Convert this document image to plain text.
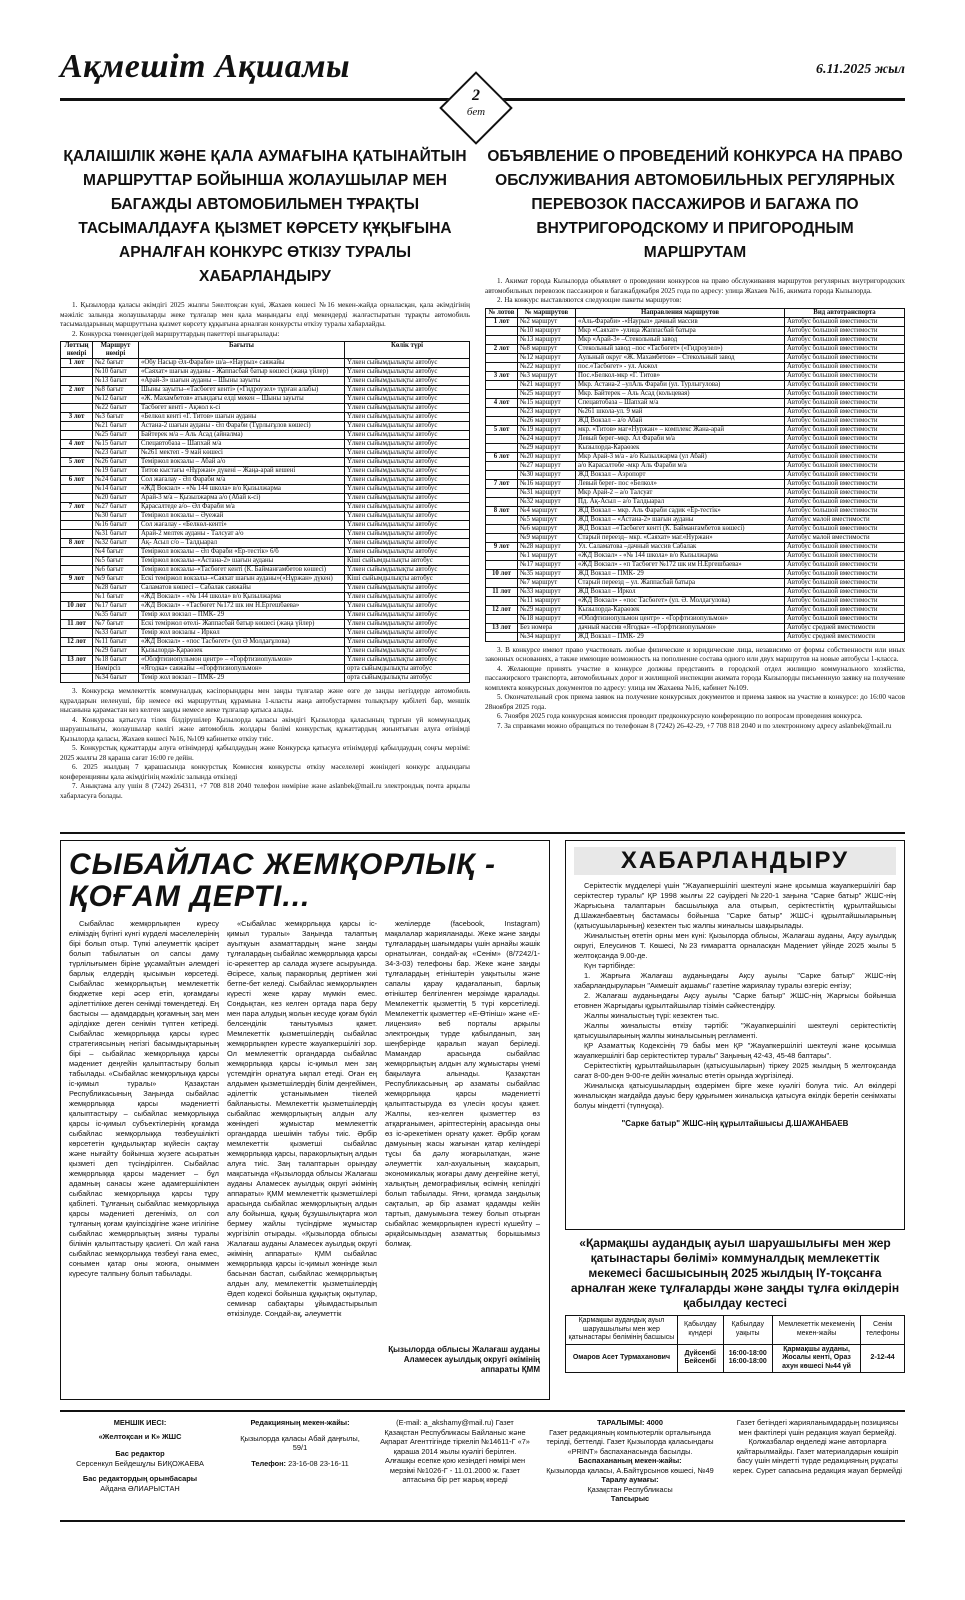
Ақмешіт Ақшамы	6.11.2025 жыл
2
бет
ҚАЛАІШІЛІК ЖӘНЕ ҚАЛА АУМАҒЫНА ҚАТЫНАЙТЫН МАРШРУТТАР БОЙЫНША ЖОЛАУШЫЛАР МЕН БАГАЖДЫ АВТОМОБИЛЬМЕН ТҰРАҚТЫ ТАСЫМАЛДАУҒА ҚЫЗМЕТ КӨРСЕТУ ҚҰҚЫҒЫНА АРНАЛҒАН КОНКУРС ӨТКІЗУ ТУРАЛЫ ХАБАРЛАНДЫРУ
1. Қызылорда қаласы әкімдігі 2025 жылғы 5желтоқсан күні, Жахаев көшесі №16 мекен-жайда орналасқан, қала әкімдігінің мәжіліс залында жолаушыларды жеке тұлғалар мен қала маңындағы елді мекендерді жалғастыратын тұрақты автомобиль тасымалдарының маршруттына қызмет көрсету құқығына арналған конкурсты өткізу туралы хабарлайды.
2. Конкурска төмендегідей маршруттардың пакеттері шығарылады:
Лоттың нөмірі	Маршрут нөмірі	Бағыты	Көлік түрі
1 лот	№2 бағыт	«Обу Насыр Әл-Фараби» ш/а–«Наурыз» саяжайы	Үлкен сыйымдылықты автобус
	№10 бағыт	«Саяхат» шағын ауданы - Жаппасбай батыр көшесі (жаңа үйлер)	Үлкен сыйымдылықты автобус
	№13 бағыт	«Арай-3» шағын ауданы – Шыны зауыты	Үлкен сыйымдылықты автобус
2 лот	№8 бағыт	Шыны зауыты–«Тасбөгет кенті» («Гидроузел» тұрған алабы)	Үлкен сыйымдылықты автобус
	№12 бағыт	«Ж. Махамбетов» атындағы елді мекен – Шыны зауыты	Үлкен сыйымдылықты автобус
	№22 бағыт	Тасбөгет кенті - Ақжол к-сі	Үлкен сыйымдылықты автобус
3 лот	№3 бағыт	«Белкөл кенті «Г. Титов» шағын ауданы	Үлкен сыйымдылықты автобус
	№21 бағыт	Астана-2 шағын ауданы - Әл Фараби (Тұрлығұлов көшесі)	Үлкен сыйымдылықты автобус
	№25 бағыт	Байтерек м/а – Аль Асад (айналма)	Үлкен сыйымдылықты автобус
4 лот	№15 бағыт	Спецавтобаза – Шапхай м/а	Үлкен сыйымдылықты автобус
	№23 бағыт	№261 мектеп - 9 май көшесі	Үлкен сыйымдылықты автобус
5 лот	№26 бағыт	Теміржол вокзалы – Абай а/о	Үлкен сыйымдылықты автобус
	№19 бағыт	Титов кыстағы «Нұржан» дүкені – Жаңа-арай кешені	Үлкен сыйымдылықты автобус
6 лот	№24 бағыт	Сол жағалау - Әл Фараби м/а	Үлкен сыйымдылықты автобус
	№14 бағыт	«ЖД Вокзал» - «№ 144 школа» в/о Қызылжарма	Үлкен сыйымдылықты автобус
	№20 бағыт	Арай-3 м/а – Қызылжарма а/о (Абай к-сі)	Үлкен сыйымдылықты автобус
7 лот	№27 бағыт	Қарасалтеде а/о– Әл Фараби м/а	Үлкен сыйымдылықты автобус
	№30 бағыт	Теміржол вокзалы – Әуежай	Үлкен сыйымдылықты автобус
	№16 бағыт	Сол жағалау - «Белкөл-кенті»	Үлкен сыйымдылықты автобус
	№31 бағыт	Арай-2 мелтек ауданы - Талсуат а/о	Үлкен сыйымдылықты автобус
8 лот	№32 бағыт	Ақ- Асыл с/о – Талдыарал	Үлкен сыйымдылықты автобус
	№4 бағыт	Теміржол вокзалы – Әл Фараби «Ер-тестік» 6/б	Үлкен сыйымдылықты автобус
	№5 бағыт	Теміржол вокзалы–«Астана-2» шағын ауданы	Кіші сыйымдылықты автобус
	№6 бағыт	Теміржол вокзалы–«Тасбөгет кенті (К. Байманғамбетов көшесі)	Үлкен сыйымдылықты автобус
9 лот	№9 бағыт	Ескі теміржол вокзалы–«Саяхат шағын ауданы»(«Нұржан» дүкен)	Кіші сыйымдылықты автобус
	№28 бағыт	Саламатов көшесі – Сабалак саяжайы	Үлкен сыйымдылықты автобус
	№1 бағыт	«ЖД Вокзал» - «№ 144 школа» в/о Қызылжарма	Үлкен сыйымдылықты автобус
10 лот	№17 бағыт	«ЖД Вокзал» - «Тасбөгет №172 шк им Н.Ергешбаева»	Үлкен сыйымдылықты автобус
	№35 бағыт	Темір жол вокзал – ПМК- 29	Үлкен сыйымдылықты автобус
11 лот	№7 бағыт	Ескі теміржол өтелі- Жаппасбай батыр көшесі (жаңа үйлер)	Үлкен сыйымдылықты автобус
	№33 бағыт	Темір жол вокзалы - Иркөл	Үлкен сыйымдылықты автобус
12 лот	№11 бағыт	«ЖД Вокзал» - «пос Тасбөгет» (ул Ә Молдағұлова)	Үлкен сыйымдылықты автобус
	№29 бағыт	Қызылорда-Қараөзек	Үлкен сыйымдылықты автобус
13 лот	№18 бағыт	«Облфтизиопульмон центр» – «Горфтизиопульмон»	Үлкен сыйымдылықты автобус
	Нөмірсіз	«Ягодка» саяжайы –«Горфтизиопульмон»	орта сыйымдылықты автобус
	№34 бағыт	Темір жол вокзал – ПМК- 29	орта сыйымдылықты автобус
3. Конкурсқа мемлекеттік коммуналдық кәсіпорындары мен заңды тұлғалар және өзге де заңды негіздерде автомобиль құралдарын иеленуші, бір немесе екі маршруттың құрамына 1-класты жаңа автобустармен толықтыру қабілеті бар, меншік нысанына қарамастан кез келген заңды немесе жеке тұлғалар қатыса алады.
4. Конкурска қатысуға тілек білдірушілер Қызылорда қаласы әкімдігі Қызылорда қаласының тұрғын үй коммуналдық шаруашылығы, жолаушылар көлігі және автомобиль жолдары бөлімі конкурстық құжаттардың жиынтығын алуға өтінімді Қызылорда қаласы, Жахаев көшесі №16, №109 кабинетке өткізу тиіс.
5. Конкурстық құжаттарды алуға өтінімдерді қабылдаудың және Конкурсқа қатысуға өтінімдерді қабылдаудың соңғы мерзімі: 2025 жылғы 28 қараша сағат 16:00 ге дейін.
6. 2025 жылдың 7 қарашасында конкурстық Комиссия конкурсты өткізу мәселелері жөніндегі конкурс алдындағы конференцияны қала әкімдігінің мәжіліс залында өткізеді
7. Анықтама алу үшін 8 (7242) 264311, +7 708 818 2040 телефон нөміріне және aslanbek@mail.ru электрондық почта арқылы хабарласуға болады.
ОБЪЯВЛЕНИЕ О ПРОВЕДЕНИЙ КОНКУРСА НА ПРАВО ОБСЛУЖИВАНИЯ АВТОМОБИЛЬНЫХ РЕГУЛЯРНЫХ ПЕРЕВОЗОК ПАССАЖИРОВ И БАГАЖА ПО ВНУТРИГОРОДСКОМУ И ПРИГОРОДНЫМ МАРШРУТАМ
1. Акимат города Кызылорда объявляет о проведении конкурсов на право обслуживания маршрутов регулярных внутригородских автомобильных перевозок пассажиров и багажабдекабря 2025 года по адресу: улица Жахаев №16, акимата города Кызылорда.
2. На конкурс выставляются следующие пакеты маршрутов:
№ лотов	№ маршрутов	Направления маршрутов	Вид автотранспорта
1 лот	№2 маршрут	«Аль-Фараби» -«Наурыз» дачный массив	Автобус большой вместимости
	№10 маршрут	Мкр «Саяхат» -улица Жаппасбай батыра	Автобус большой вместимости
	№13 маршрут	Мкр «Арай-3» –Стекольный завод	Автобус большой вместимости
2 лот	№8 маршрут	Стекольный завод –пос «Тасбөгет» («Гидроузел»)	Автобус большой вместимости
	№12 маршрут	Аульный округ «Ж. Махамбетов» – Стекольный завод	Автобус большой вместимости
	№22 маршрут	пос.«Тасбөгет» - ул. Акжол	Автобус большой вместимости
3 лот	№3 маршрут	Пос.«Белкол-мкр «Г. Титов»	Автобус большой вместимости
	№21 маршрут	Мкр. Астана-2 –улАль Фараби (ул. Турлыгулова)	Автобус большой вместимости
	№25 маршрут	Мкр. Байтерек – Аль Асад (кольцевая)	Автобус большой вместимости
4 лот	№15 маршрут	Спецавтобаза – Шапхай м/а	Автобус большой вместимости
	№23 маршрут	№261 школа-ул. 9 май	Автобус большой вместимости
	№26 маршрут	ЖД Вокзал – а/о Абай	Автобус большой вместимости
5 лот	№19 маршрут	мкр. «Титов» маг«Нуржан» – комплекс Жана-арай	Автобус большой вместимости
	№24 маршрут	Левый берег–мкр. Ал Фараби м/а	Автобус большой вместимости
	№29 маршрут	Кызылорда-Караөзек	Автобус большой вместимости
6 лот	№20 маршрут	Мкр Арай-3 м/а - а/о Кызылжарма (ул Абай)	Автобус большой вместимости
	№27 маршрут	а/о Карасалтөбе -мкр Аль Фараби м/а	Автобус большой вместимости
	№30 маршрут	ЖД Вокзал – Аэропорт	Автобус большой вместимости
7 лот	№16 маршрут	Левый берег- пос «Белкол»	Автобус большой вместимости
	№31 маршрут	Мкр Арай-2 – а/о Талсуат	Автобус большой вместимости
	№32 маршрут	Пд. Ақ-Асыл – а/о Талдыарал	Автобус большой вместимости
8 лот	№4 маршрут	ЖД Вокзал – мкр. Аль Фараби садик «Ер-тестік»	Автобус большой вместимости
	№5 маршрут	ЖД Вокзал – «Астана-2» шағын ауданы	Автобус малой вместимости
	№6 маршрут	ЖД Вокзал –«Тасбөгет кенті (К. Байманғамбетов көшесі)	Автобус большой вместимости
	№9 маршрут	Старый переезд– мкр. «Саяхат» маг.«Нуржан»	Автобус малой вместимости
9 лот	№28 маршрут	Ул. Саламатова –дачный массив Сабалак	Автобус большой вместимости
	№1 маршрут	«ЖД Вокзал» - «№ 144 школа» в/о Кызылжарма	Автобус большой вместимости
	№17 маршрут	«ЖД Вокзал» - «п Тасбөгет №172 шк им Н.Ергешбаева»	Автобус большой вместимости
10 лот	№35 маршрут	ЖД Вокзал – ПМК- 29	Автобус большой вместимости
	№7 маршрут	Старый переезд – ул. Жаппасбай батыра	Автобус большой вместимости
11 лот	№33 маршрут	ЖД Вокзал – Иркол	Автобус большой вместимости
	№11 маршрут	«ЖД Вокзал» - «пос Тасбөгет» (ул. Ә. Молдагулова)	Автобус большой вместимости
12 лот	№29 маршрут	Кызылорда-Караөзек	Автобус большой вместимости
	№18 маршрут	«Облфтизиопульмон центр» - «Горфтизиопульмон»	Автобус большой вместимости
13 лот	Без номера	дачный массив «Ягодка» -«Горфтизиопульмон»	Автобус средней вместимости
	№34 маршрут	ЖД Вокзал – ПМК- 29	Автобус средней вместимости
3. В конкурсе имеют право участвовать любые физические и юридические лица, независимо от формы собственности или иных законных основаниях, а также имеющие возможность на пополнение состава одного или двух маршрутов на новые автобусы 1-класса.
4. Желающие принять участие в конкурсе должны представить в городской отдел жилищно коммунального хозяйства, пассажирского транспорта, автомобильных дорог и жилищной инспекции акимата города Кызылорды письменную заявку на получение комплекта конкурсных документов по адресу: улица им Жахаева №16, кабинет №109.
5. Окончательный срок приема заявок на получение конкурсных документов и приема заявок на участие в конкурсе: до 16:00 часов 28ноября 2025 года.
6. 7ноября 2025 года конкурсная комиссия проводит предконкурсную конференцию по вопросам проведения конкурса.
7. За справками можно обращаться по телефонам 8 (7242) 26-42-29, +7 708 818 2040 и по электронному адресу aslanbek@mail.ru
СЫБАЙЛАС ЖЕМҚОРЛЫҚ - ҚОҒАМ ДЕРТІ...
Сыбайлас жемқорлықпен күресу еліміздің бүгінгі күнгі күрделі мәселелерінің бірі болып отыр. Түпкі әлеуметтік қасірет болып табылатын ол сапсы даму түрлілығымен біріне ұқсамайтын әлемдеғі барлық елдердің қысымын көрсетеді. Сыбайлас жемқорлықтың мемлекеттік бюджетке кері әсер етіп, қоғамдағы әділеттілікке деген сенімді төмендетеді. Ең бастысы — адамдардың қоғамның заң мен әділдікке деген сенімін түптен кетіреді. Сыбайлас жемқорлыққа қарсы күрес стратегиясының негізгі басымдықтарының бірі – сыбайлас жемқорлыққа қарсы мәдениет деңгейін қалыптастыру болып табылады. «Сыбайлас жемқорлыққа қарсы іс-қимыл туралы» Қазақстан Республикасының Заңында сыбайлас жемқорлыққа қарсы мәдениетті қалыптастыру – сыбайлас жемқорлыққа қарсы іс-қимыл субъектілерінің қоғамда сыбайлас жемқорлыққа төзбеушілікті көрсететін құндылықтар жүйесін сақтау және нығайту бойынша жүзеге асыратын қызметі деп түсіндірілген. Сыбайлас жемқорлыққа қарсы мәдениет – бұл адамның санасы және адамгершілікпен сыбайлас жемқорлыққа қарсы тұру қабілеті. Тұлғаның сыбайлас жемқорлыққа қарсы мәдениеті дегеніміз, ол сол тұлғаның қоғам қауіпсіздігіне және игілігіне сыбайлас жемқорлықтың зияны туралы білімін қалыптастыру қасиеті. Ол жай ғана сыбайлас жемқорлыққа төзбеуі ғана емес, сонымен қатар оны жоюға, оныммен күресуге талпыну болып табылады.
«Сыбайлас жемқорлыққа қарсы іс-қимыл туралы» Заңында талаптың ауытқуын азаматтардың және заңды тұлғалардың сыбайлас жемқорлыққа қарсы іс-әрекеттер ар салада жүзеге асыруында. Әсіресе, халық паракорлық дертімен жиі бетпе-бет келеді. Сыбайлас жемқорлықпен күресті жеке қарау мүмкін емес. Сондықтан, кез келген ортада пара беру мен пара алудың жолын кесуде қоғам бүкіл белсенділік танытуымыз қажет. Мемлекеттік қызметшілердің сыбайлас жемқорлықпен күресте жауапкершілігі зор. Ол мемлекеттік органдарда сыбайлас жемқорлыққа қарсы іс-қимыл мен заң үстемдігін орнатуға ықпал етеді. Оған ең алдымен қызметшілердің білім деңгейімен, әділеттік ұстанымымен тікелей байланысты. Мемлекеттік қызметшілердің сыбайлас жемқорлықтың алдын алу жөніндегі жұмыстар мемлекеттік органдарда шешімін табуы тиіс. Әрбір мемлекеттік қызметші сыбайлас жемқорлыққа қарсы, паракорлықтың алдын алуға тиіс. Заң талаптарын орындау мақсатында «Қызылорда облысы Жалағаш ауданы Аламесек ауылдық округі әкімінің аппараты» ҚММ мемлекеттік қызметшілері арасында сыбайлас жемқорлықтың алдын алу бойынша, құқық бұзушылықтарға жол бермеу жайлы түсіндірме жұмыстар жүргізіліп отырады. «Қызылорда облысы Жалағаш ауданы Аламесек ауылдық округі әкімінің аппараты» ҚММ сыбайлас жемқорлыққа қарсы іс-қимыл жөнінде жыл басынан бастап, сыбайлас жемқорлықтың алдын алу, мемлекеттік қызметшілердің Әдеп кодексі бойынша құқықтық оқытулар, семинар сабақтары ұйымдастырылып өткізілуде. Сондай-ақ, әлеуметтік
желілерде (facebook, Instagram) мақалалар жарияланады. Жеке және заңды тұлғалардың шағымдары үшін арнайы жәшік орнатылған, сондай-ақ «Сенім» (8/7242/1-34-3-03) телефоны бар. Жеке және заңды тұлғалардың етініштерін уақытылы және сапалы қарау қадағаланып, барлық өтініштер белгіленген мерзімде қаралады. Мемлекеттік қызметтің 5 түрі көрсетіледі. Мемлекеттік қызметтер «Е-Өтініш» және «Е-лицензия» веб порталы арқылы электрондық түрде қабылданып, заң шеңберінде қаралып жауап беріледі. Мамандар арасында сыбайлас жемқорлықтың алдын алу жұмыстары үнемі бақылауға алынады. Қазақстан Республикасының әр азаматы сыбайлас жемқорлыққа қарсы мәдениетті қалыптастыруда өз үлесін қосуы қажет. Жалпы, кез-келген қызметтер өз атқарғанымен, әріптестерінің арасында оны өз іс-әрекетімен орнату қажет. Әрбір қоғам дамуының жасы жағынан қатар келіндері тұсы ба дәлу жоғарылатқан, және әлеуметтік хал-ахуалының жақсарып, экономикалық жоғары даму деңгейіне жетуі, халықтың демографиялық өсімнің кепілдігі болып табылады. Яғни, қоғамда заңдылық сақталып, әр бір азамат қадамды кейін тартып, дамуымызға тежеу болып отырған сыбайлас жемқорлықпен күресті күшейту – әрқайсымыздың азаматтық борышымыз болмақ.
Қызылорда облысы Жалағаш ауданы Аламесек ауылдық округі әкімінің аппараты ҚММ
ХАБАРЛАНДЫРУ
Серіктестік мүдделері үшін "Жауапкершілігі шектеулі және қосымша жауапкершілігі бар серіктестер туралы" ҚР 1998 жылғы 22 сәуірдегі №220-1 заңына "Сарке батыр" ЖШС-нің Жарғысына талаптарын басшылыққа ала отырып, серіктестіктің құрылтайшысы Д.Шажанбаевтың бастамасы бойынша "Сарке батыр" ЖШС-і құрылтайшыларының (қатысушыларының) кезектен тыс жалпы жиналысы шақырылады.
Жиналыстың өтетін орны мен күні: Қызылорда облысы, Жалағаш ауданы, Ақсу ауылдық округі, Елеусинов Т. Көшесі, №23 ғимаратта орналасқан Мадениет үйінде 2025 жылы 5 желтоқсанда 9.00-де.
Күн тәртібінде:
1. Жарғыға Жалағаш ауданындағы Ақсу ауылы "Сарке батыр" ЖШС-нің хабарландыруларын "Акмешіт ақшамы" газетіне жариялау туралы өзгеріс енгізу;
2. Жалағаш ауданындағы Ақсу ауылы "Сарке батыр" ЖШС-нің Жарғысы бойынша етовнен Жарғыдағы құрылтайшылар тізімін сәйкестендіру.
Жалпы жиналыстың түрі: кезектен тыс.
Жалпы жиналысты өткізу тәртібі: "Жауапкершілігі шектеулі серіктестіктің қатысушыларының жалпы жиналысының регламенті.
ҚР Азаматтық Кодексінің 79 бабы мен ҚР "Жауапкершілігі шектеулі және қосымша жауапкершілігі бар серіктестіктер туралы" Заңының 42-43, 45-48 баптары".
Серіктестіктің құрылтайшыларын (қатысушыларын) тіркеу 2025 жылдың 5 желтоқсанда сағат 8-00-ден 9-00-ге дейін жиналыс өтетін орында жүргізіледі.
Жиналысқа қатысушылардың өздерімен бірге жеке куәлігі болуға тиіс. Ал өкілдері жиналысқан жағдайда дауыс беру құқығымен жиналысқа қатысуға өкілдік беретін сенімхаты болуы міндетті (түпнұсқа).
"Сарке батыр" ЖШС-нің құрылтайшысы Д.ШАЖАНБАЕВ
«Қармақшы аудандық ауыл шаруашылығы мен жер қатынастары бөлімі» коммуналдық мемлекеттік мекемесі басшысының 2025 жылдың ІҮ-тоқсанға арналған жеке тұлғаларды және заңды тұлға өкілдерін қабылдау кестесі
Қармақшы аудандық ауыл шаруашылығы мен жер қатынастары бөлімінің басшысы	Қабылдау күндері	Қабылдау уақыты	Мемлекеттік мекеменің мекен-жайы	Сенім телефоны
Омаров Асет Турмаханович	Дүйсенбі Бейсенбі	16:00-18:00 16:00-18:00	Қармақшы ауданы, Жосалы кенті, Ораз ахун көшесі №44 үй	2-12-44
МЕНШІК ИЕСІ:
«Желтоқсан и К» ЖШС
Бас редактор
Серсенкул Бейдешұлы БИҚОЖАЕВА
Бас редактордың орынбасары
Айдана ӘЛИАРЫСТАН
Редакцияның мекен-жайы:
Қызылорда қаласы Абай даңғылы, 59/1
Телефон: 23-16-08 23-16-11
(E-mail: a_akshamy@mail.ru) Газет Қазақстан Республикасы Байланыс және Ақпарат Агенттігінде тіркеліп №14611-Г «7» қараша 2014 жылы куәлігі берілген. Алғашқы есепке қою кезіндегі нөмірі мен мерзімі №1026-Г - 11.01.2000 ж. Газет аптасына бір рет жарық көреді
ТАРАЛЫМЫ: 4000
Газет редакцияның компьютерлік орталығында терілді, беттелді. Газет Қызылорда қаласындағы «PRINT» баспаханасында басылды.
Баспахананың мекен-жайы:
Қызылорда қаласы, А.Байтұрсынов көшесі, №49
Таралу аумағы:
Қазақстан Республикасы
Тапсырыс
Газет бетіндегі жарияланымдардың позициясы мен фактілері үшін редакция жауап бермейді. Қолжазбалар өңделеді және авторларға қайтарылмайды. Газет материалдарын көшіріп басу үшін міндетті түрде редакцияның рұқсаты керек. Сурет сапасына редакция жауап бермейді
